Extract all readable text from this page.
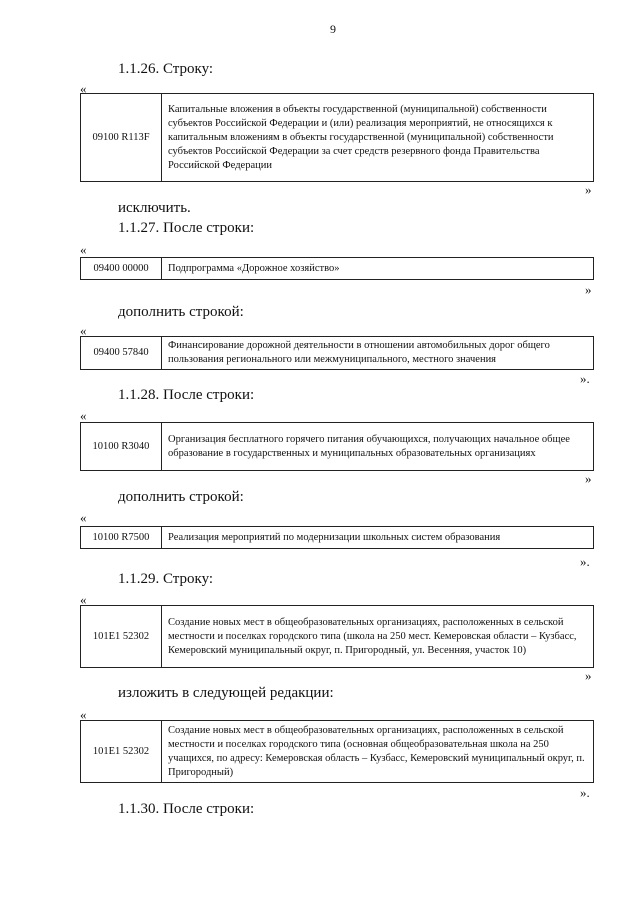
9
1.1.26. Строку:
«
09100 R113F	Капитальные вложения в объекты государственной (муниципальной) собственности субъектов Российской Федерации и (или) реализация мероприятий, не относящихся к капитальным вложениям в объекты государственной (муниципальной) собственности субъектов Российской Федерации за счет средств резервного фонда Правительства Российской Федерации
»
исключить.
1.1.27. После строки:
«
09400 00000	Подпрограмма «Дорожное хозяйство»
»
дополнить строкой:
«
09400 57840	Финансирование дорожной деятельности в отношении автомобильных дорог общего пользования регионального или межмуниципального, местного значения
».
1.1.28. После строки:
«
10100 R3040	Организация бесплатного горячего питания обучающихся, получающих начальное общее образование в государственных и муниципальных образовательных организациях
»
дополнить строкой:
«
10100 R7500	Реализация мероприятий по модернизации школьных систем образования
».
1.1.29. Строку:
«
101E1 52302	Создание новых мест в общеобразовательных организациях, расположенных в сельской местности и поселках городского типа (школа на 250 мест. Кемеровская области – Кузбасс, Кемеровский муниципальный округ, п. Пригородный, ул. Весенняя, участок 10)
»
изложить в следующей редакции:
«
101E1 52302	Создание новых мест в общеобразовательных организациях, расположенных в сельской местности и поселках городского типа (основная общеобразовательная школа на 250 учащихся, по адресу: Кемеровская область – Кузбасс, Кемеровский муниципальный округ, п. Пригородный)
».
1.1.30. После строки:
